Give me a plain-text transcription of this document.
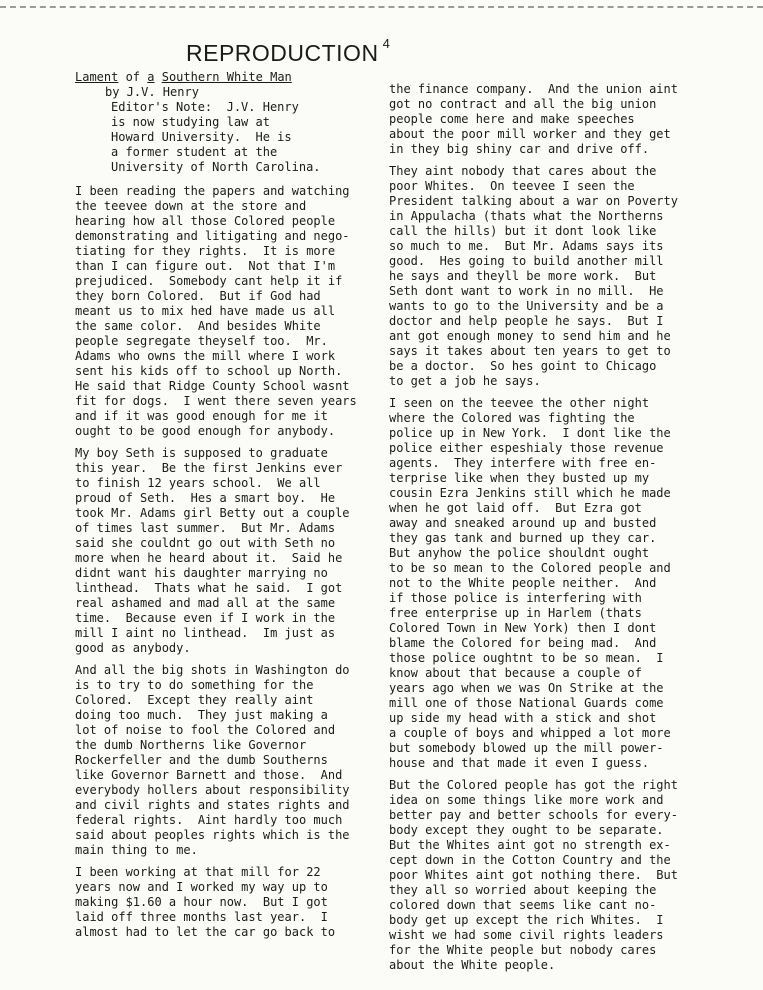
REPRODUCTION $^4$
Lament of a Southern White Man
by J.V. Henry
Editor's Note:  J.V. Henry
is now studying law at
Howard University.  He is
a former student at the
University of North Carolina.
I been reading the papers and watching
the teevee down at the store and
hearing how all those Colored people
demonstrating and litigating and nego-
tiating for they rights.  It is more
than I can figure out.  Not that I'm
prejudiced.  Somebody cant help it if
they born Colored.  But if God had
meant us to mix hed have made us all
the same color.  And besides White
people segregate theyself too.  Mr.
Adams who owns the mill where I work
sent his kids off to school up North.
He said that Ridge County School wasnt
fit for dogs.  I went there seven years
and if it was good enough for me it
ought to be good enough for anybody.
My boy Seth is supposed to graduate
this year.  Be the first Jenkins ever
to finish 12 years school.  We all
proud of Seth.  Hes a smart boy.  He
took Mr. Adams girl Betty out a couple
of times last summer.  But Mr. Adams
said she couldnt go out with Seth no
more when he heard about it.  Said he
didnt want his daughter marrying no
linthead.  Thats what he said.  I got
real ashamed and mad all at the same
time.  Because even if I work in the
mill I aint no linthead.  Im just as
good as anybody.
And all the big shots in Washington do
is to try to do something for the
Colored.  Except they really aint
doing too much.  They just making a
lot of noise to fool the Colored and
the dumb Northerns like Governor
Rockerfeller and the dumb Southerns
like Governor Barnett and those.  And
everybody hollers about responsibility
and civil rights and states rights and
federal rights.  Aint hardly too much
said about peoples rights which is the
main thing to me.
I been working at that mill for 22
years now and I worked my way up to
making $1.60 a hour now.  But I got
laid off three months last year.  I
almost had to let the car go back to
the finance company.  And the union aint
got no contract and all the big union
people come here and make speeches
about the poor mill worker and they get
in they big shiny car and drive off.
They aint nobody that cares about the
poor Whites.  On teevee I seen the
President talking about a war on Poverty
in Appulacha (thats what the Northerns
call the hills) but it dont look like
so much to me.  But Mr. Adams says its
good.  Hes going to build another mill
he says and theyll be more work.  But
Seth dont want to work in no mill.  He
wants to go to the University and be a
doctor and help people he says.  But I
ant got enough money to send him and he
says it takes about ten years to get to
be a doctor.  So hes goint to Chicago
to get a job he says.
I seen on the teevee the other night
where the Colored was fighting the
police up in New York.  I dont like the
police either espeshialy those revenue
agents.  They interfere with free en-
terprise like when they busted up my
cousin Ezra Jenkins still which he made
when he got laid off.  But Ezra got
away and sneaked around up and busted
they gas tank and burned up they car.
But anyhow the police shouldnt ought
to be so mean to the Colored people and
not to the White people neither.  And
if those police is interfering with
free enterprise up in Harlem (thats
Colored Town in New York) then I dont
blame the Colored for being mad.  And
those police oughtnt to be so mean.  I
know about that because a couple of
years ago when we was On Strike at the
mill one of those National Guards come
up side my head with a stick and shot
a couple of boys and whipped a lot more
but somebody blowed up the mill power-
house and that made it even I guess.
But the Colored people has got the right
idea on some things like more work and
better pay and better schools for every-
body except they ought to be separate.
But the Whites aint got no strength ex-
cept down in the Cotton Country and the
poor Whites aint got nothing there.  But
they all so worried about keeping the
colored down that seems like cant no-
body get up except the rich Whites.  I
wisht we had some civil rights leaders
for the White people but nobody cares
about the White people.
